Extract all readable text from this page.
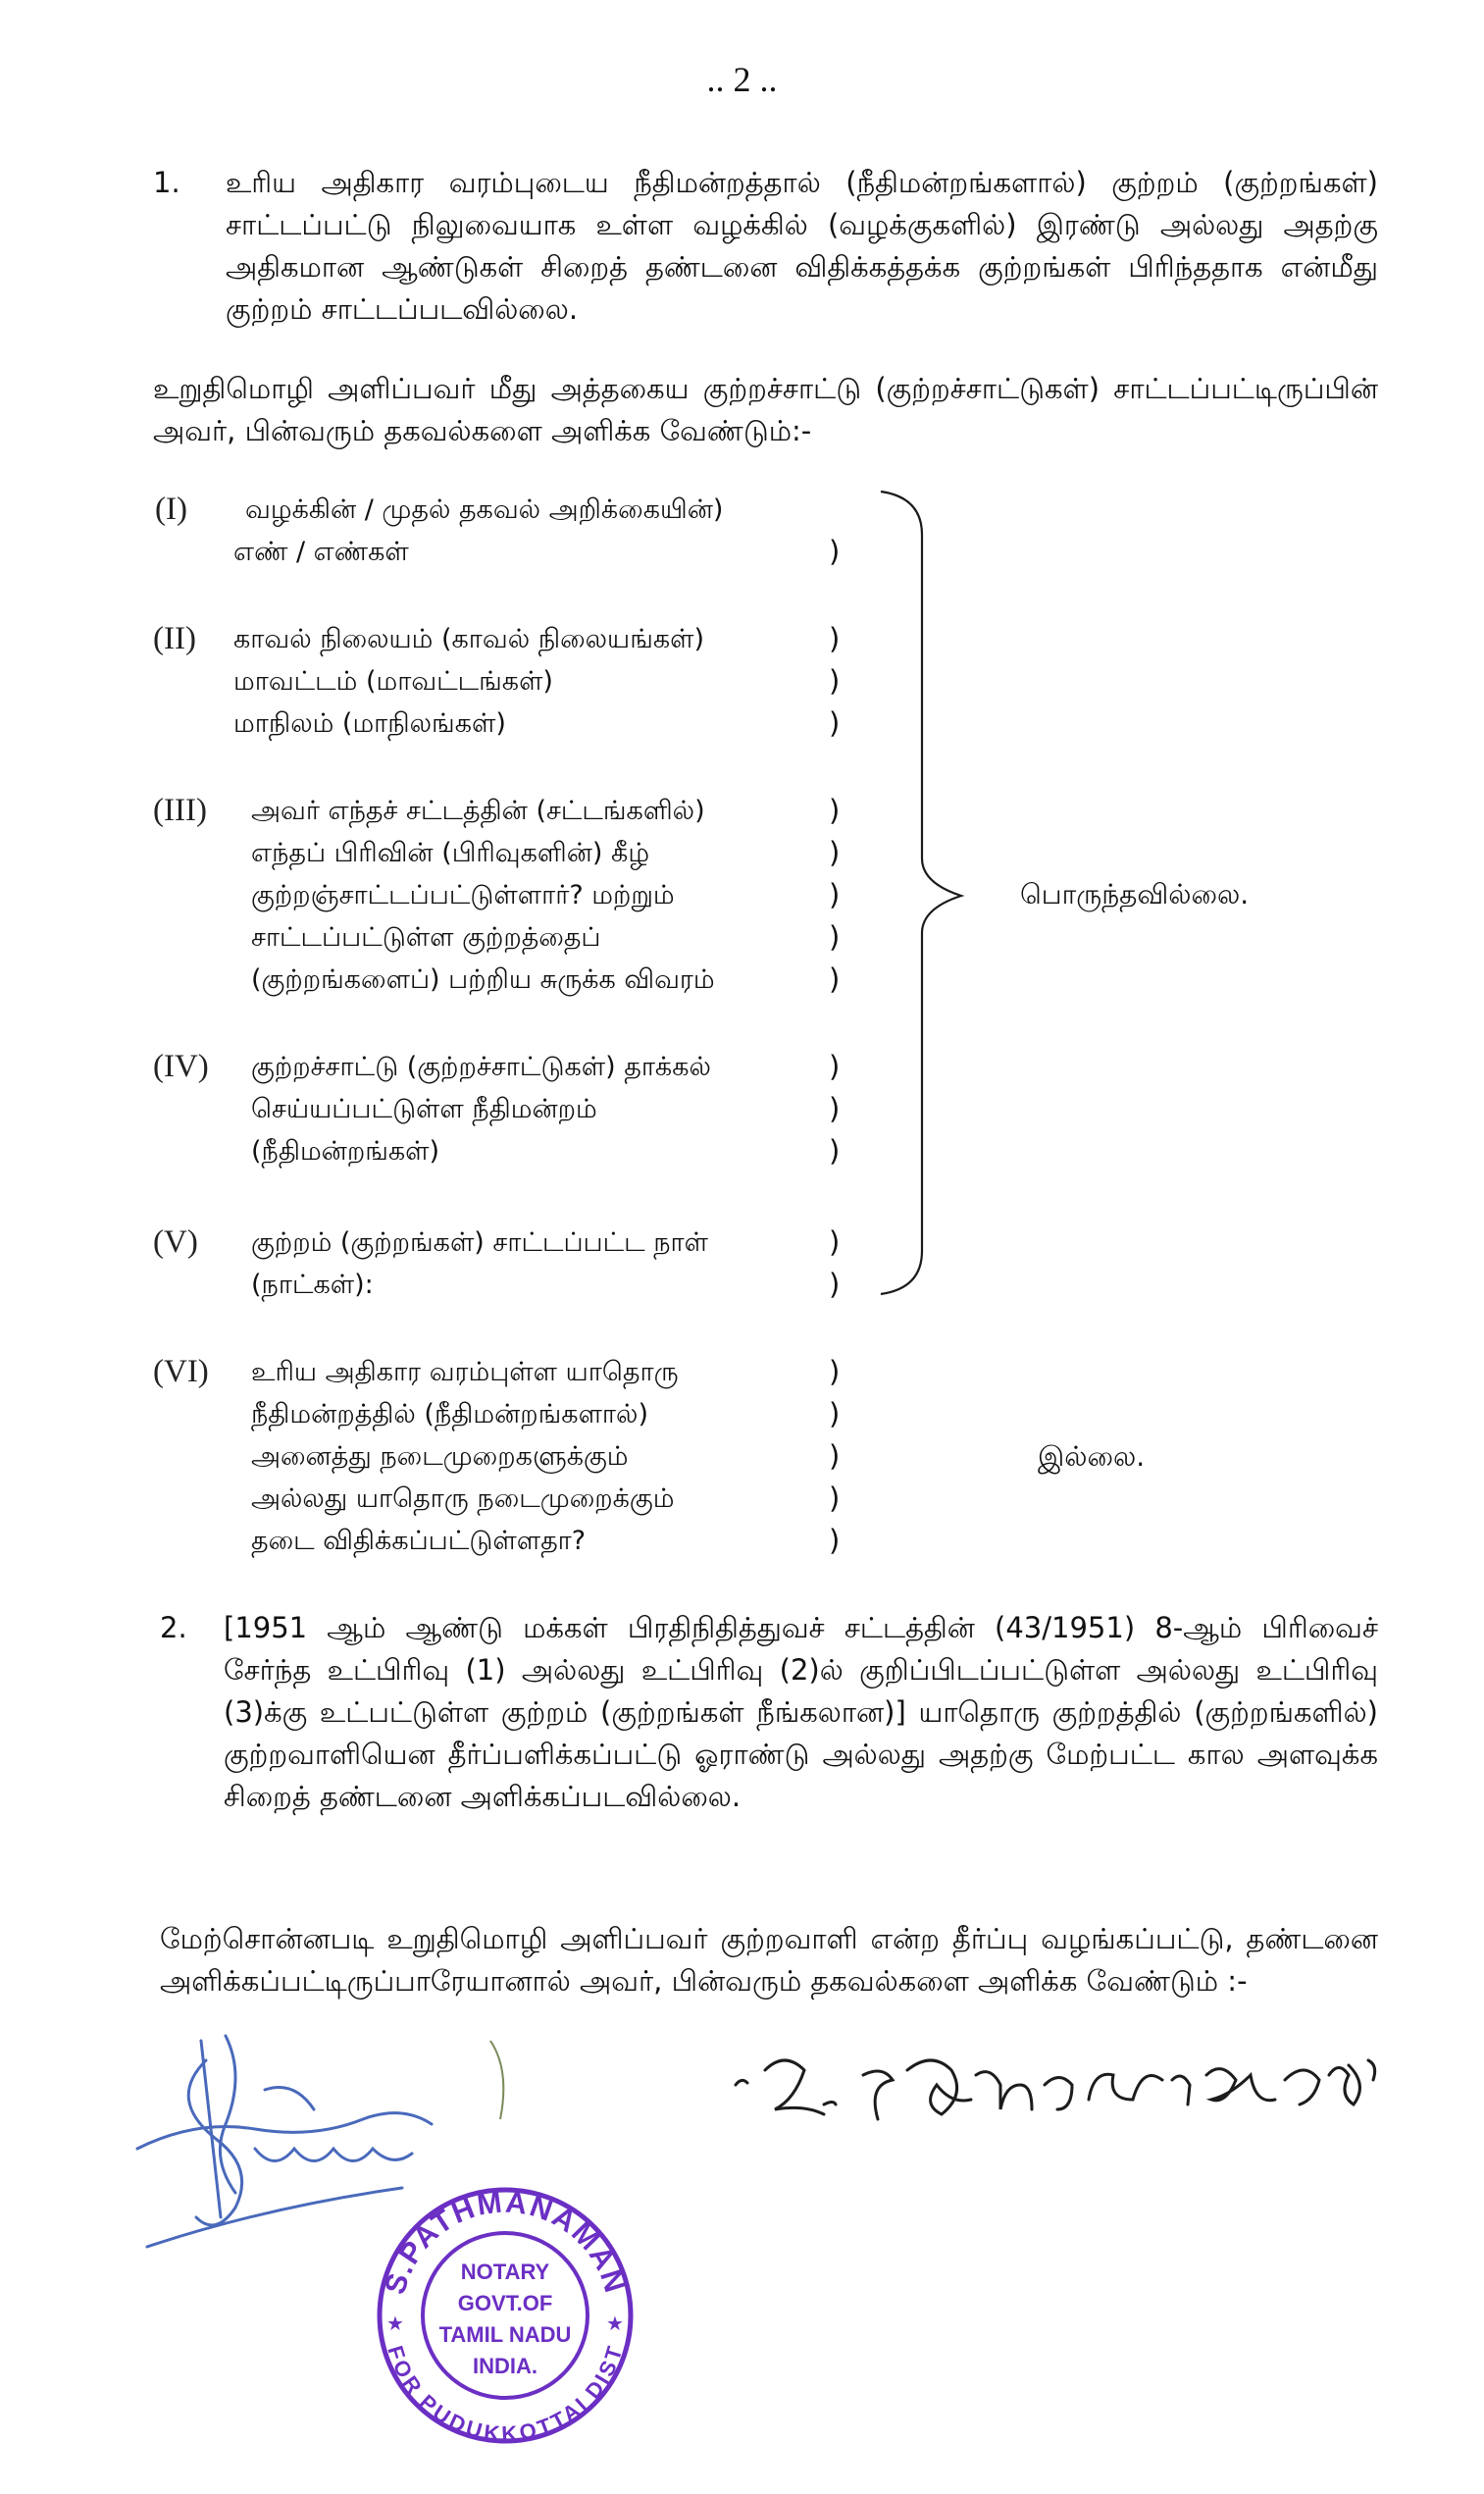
.. 2 ..
1. உரிய அதிகார வரம்புடைய நீதிமன்றத்தால் (நீதிமன்றங்களால்) குற்றம் (குற்றங்கள்) சாட்டப்பட்டு நிலுவையாக உள்ள வழக்கில் (வழக்குகளில்) இரண்டு அல்லது அதற்கு அதிகமான ஆண்டுகள் சிறைத் தண்டனை விதிக்கத்தக்க குற்றங்கள் பிரிந்ததாக என்மீது குற்றம் சாட்டப்படவில்லை.

உறுதிமொழி அளிப்பவர் மீது அத்தகைய குற்றச்சாட்டு (குற்றச்சாட்டுகள்) சாட்டப்பட்டிருப்பின் அவர், பின்வரும் தகவல்களை அளிக்க வேண்டும்:-

(I) வழக்கின் / முதல் தகவல் அறிக்கையின்)
எண் / எண்கள்	)
(II) காவல் நிலையம் (காவல் நிலையங்கள்)	)
மாவட்டம் (மாவட்டங்கள்)	)
மாநிலம் (மாநிலங்கள்)	)
(III) அவர் எந்தச் சட்டத்தின் (சட்டங்களில்)	)
எந்தப் பிரிவின் (பிரிவுகளின்) கீழ்	)
குற்றஞ்சாட்டப்பட்டுள்ளார்? மற்றும்	)
சாட்டப்பட்டுள்ள குற்றத்தைப்	)
(குற்றங்களைப்) பற்றிய சுருக்க விவரம்	)
(IV) குற்றச்சாட்டு (குற்றச்சாட்டுகள்) தாக்கல்	)
செய்யப்பட்டுள்ள நீதிமன்றம்	)
(நீதிமன்றங்கள்)	)
(V) குற்றம் (குற்றங்கள்) சாட்டப்பட்ட நாள்	)
(நாட்கள்):	)
பொருந்தவில்லை.
(VI) உரிய அதிகார வரம்புள்ள யாதொரு	)
நீதிமன்றத்தில் (நீதிமன்றங்களால்)	)
அனைத்து நடைமுறைகளுக்கும்	)
அல்லது யாதொரு நடைமுறைக்கும்	)
தடை விதிக்கப்பட்டுள்ளதா?	)
இல்லை.
2. [1951 ஆம் ஆண்டு மக்கள் பிரதிநிதித்துவச் சட்டத்தின் (43/1951) 8-ஆம் பிரிவைச் சேர்ந்த உட்பிரிவு (1) அல்லது உட்பிரிவு (2)ல் குறிப்பிடப்பட்டுள்ள அல்லது உட்பிரிவு (3)க்கு உட்பட்டுள்ள குற்றம் (குற்றங்கள் நீங்கலான)] யாதொரு குற்றத்தில் (குற்றங்களில்) குற்றவாளியென தீர்ப்பளிக்கப்பட்டு ஓராண்டு அல்லது அதற்கு மேற்பட்ட கால அளவுக்க சிறைத் தண்டனை அளிக்கப்படவில்லை.

மேற்சொன்னபடி உறுதிமொழி அளிப்பவர் குற்றவாளி என்ற தீர்ப்பு வழங்கப்பட்டு, தண்டனை அளிக்கப்பட்டிருப்பாரேயானால் அவர், பின்வரும் தகவல்களை அளிக்க வேண்டும் :-

S.PATHMANAMAN
FOR PUDUKKOTTAI DIST
NOTARY
GOVT.OF
TAMIL NADU
INDIA.
★	★
